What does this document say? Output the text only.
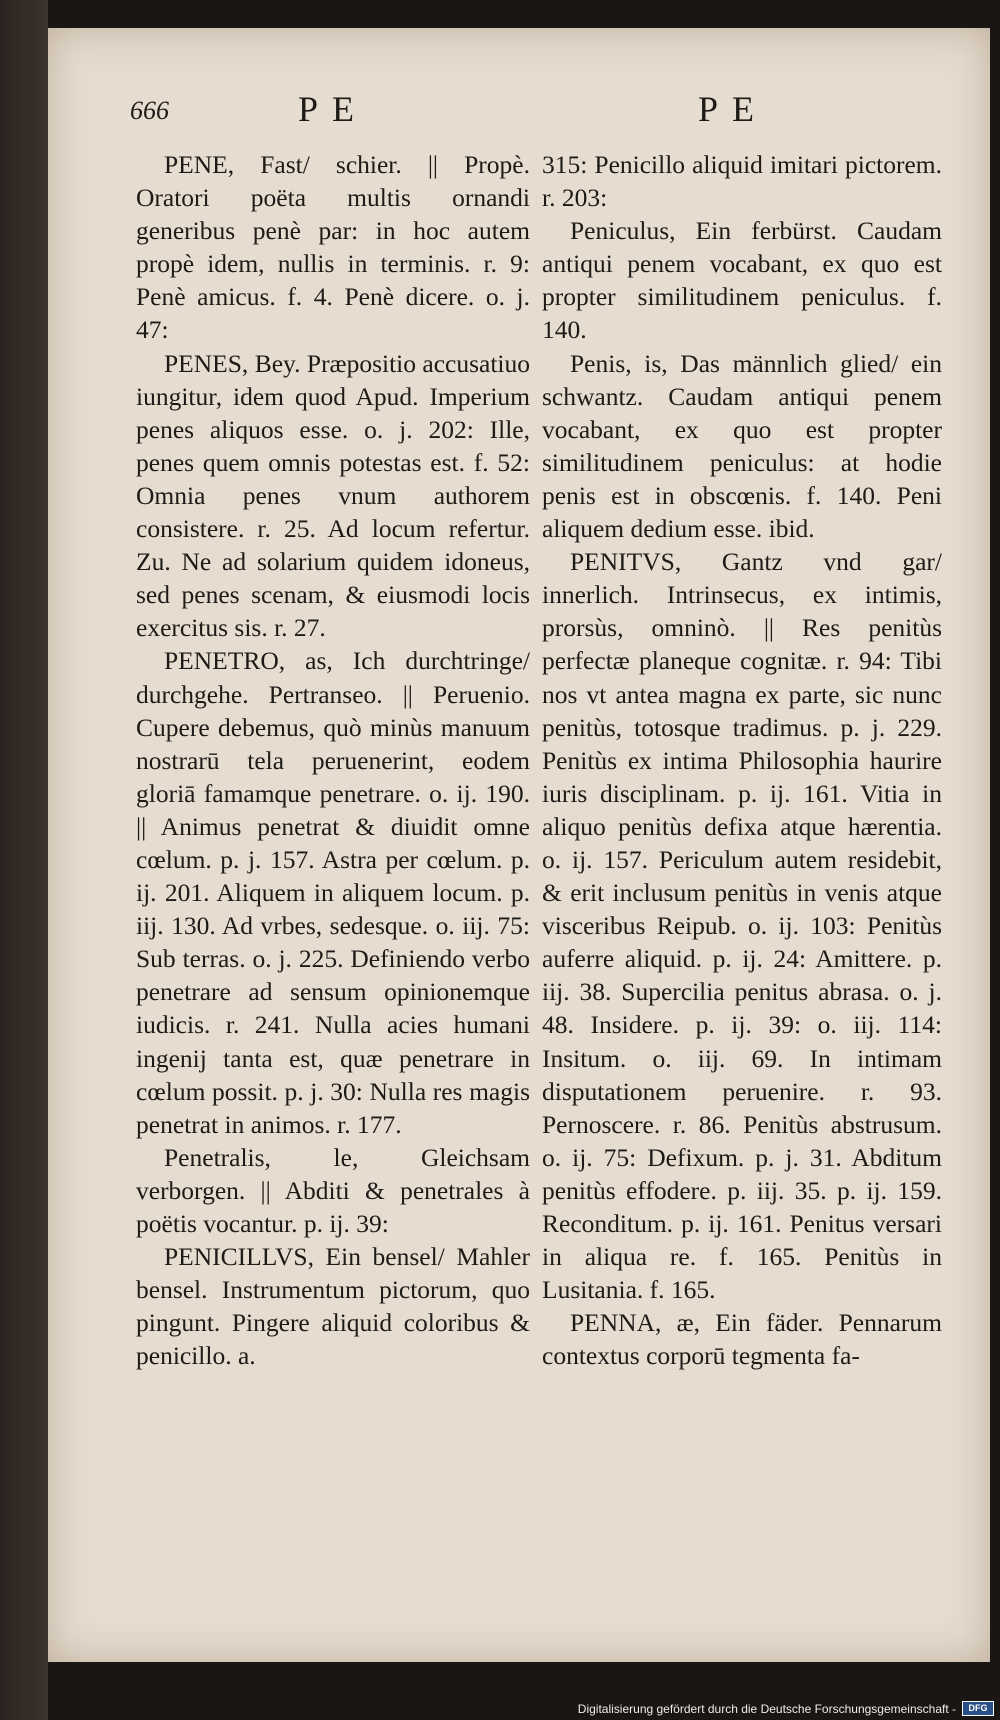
666	PE	PE

PENE, Fast/ schier. || Propè. Oratori poëta multis ornandi generibus penè par: in hoc autem propè idem, nullis in terminis. r. 9: Penè amicus. f. 4. Penè dicere. o. j. 47:

PENES, Bey. Præpositio accusatiuo iungitur, idem quod Apud. Imperium penes aliquos esse. o. j. 202: Ille, penes quem omnis potestas est. f. 52: Omnia penes vnum authorem consistere. r. 25. Ad locum refertur. Zu. Ne ad solarium quidem idoneus, sed penes scenam, & eiusmodi locis exercitus sis. r. 27.

PENETRO, as, Ich durchtringe/ durchgehe. Pertranseo. || Peruenio. Cupere debemus, quò minùs manuum nostrarū tela peruenerint, eodem gloriā famamque penetrare. o. ij. 190. || Animus penetrat & diuidit omne cœlum. p. j. 157. Astra per cœlum. p. ij. 201. Aliquem in aliquem locum. p. iij. 130. Ad vrbes, sedesque. o. iij. 75: Sub terras. o. j. 225. Definiendo verbo penetrare ad sensum opinionemque iudicis. r. 241. Nulla acies humani ingenij tanta est, quæ penetrare in cœlum possit. p. j. 30: Nulla res magis penetrat in animos. r. 177.

Penetralis, le, Gleichsam verborgen. || Abditi & penetrales à poëtis vocantur. p. ij. 39:

PENICILLVS, Ein bensel/ Mahler bensel. Instrumentum pictorum, quo pingunt. Pingere aliquid coloribus & penicillo. a.

315: Penicillo aliquid imitari pictorem. r. 203:

Peniculus, Ein ferbürst. Caudam antiqui penem vocabant, ex quo est propter similitudinem peniculus. f. 140.

Penis, is, Das männlich glied/ ein schwantz. Caudam antiqui penem vocabant, ex quo est propter similitudinem peniculus: at hodie penis est in obscœnis. f. 140. Peni aliquem dedium esse. ibid.

PENITVS, Gantz vnd gar/ innerlich. Intrinsecus, ex intimis, prorsùs, omninò. || Res penitùs perfectæ planeque cognitæ. r. 94: Tibi nos vt antea magna ex parte, sic nunc penitùs, totosque tradimus. p. j. 229. Penitùs ex intima Philosophia haurire iuris disciplinam. p. ij. 161. Vitia in aliquo penitùs defixa atque hærentia. o. ij. 157. Periculum autem residebit, & erit inclusum penitùs in venis atque visceribus Reipub. o. ij. 103: Penitùs auferre aliquid. p. ij. 24: Amittere. p. iij. 38. Supercilia penitus abrasa. o. j. 48. Insidere. p. ij. 39: o. iij. 114: Insitum. o. iij. 69. In intimam disputationem peruenire. r. 93. Pernoscere. r. 86. Penitùs abstrusum. o. ij. 75: Defixum. p. j. 31. Abditum penitùs effodere. p. iij. 35. p. ij. 159. Reconditum. p. ij. 161. Penitus versari in aliqua re. f. 165. Penitùs in Lusitania. f. 165.

PENNA, æ, Ein fäder. Pennarum contextus corporū tegmenta fa-

Digitalisierung gefördert durch die Deutsche Forschungsgemeinschaft -	DFG
